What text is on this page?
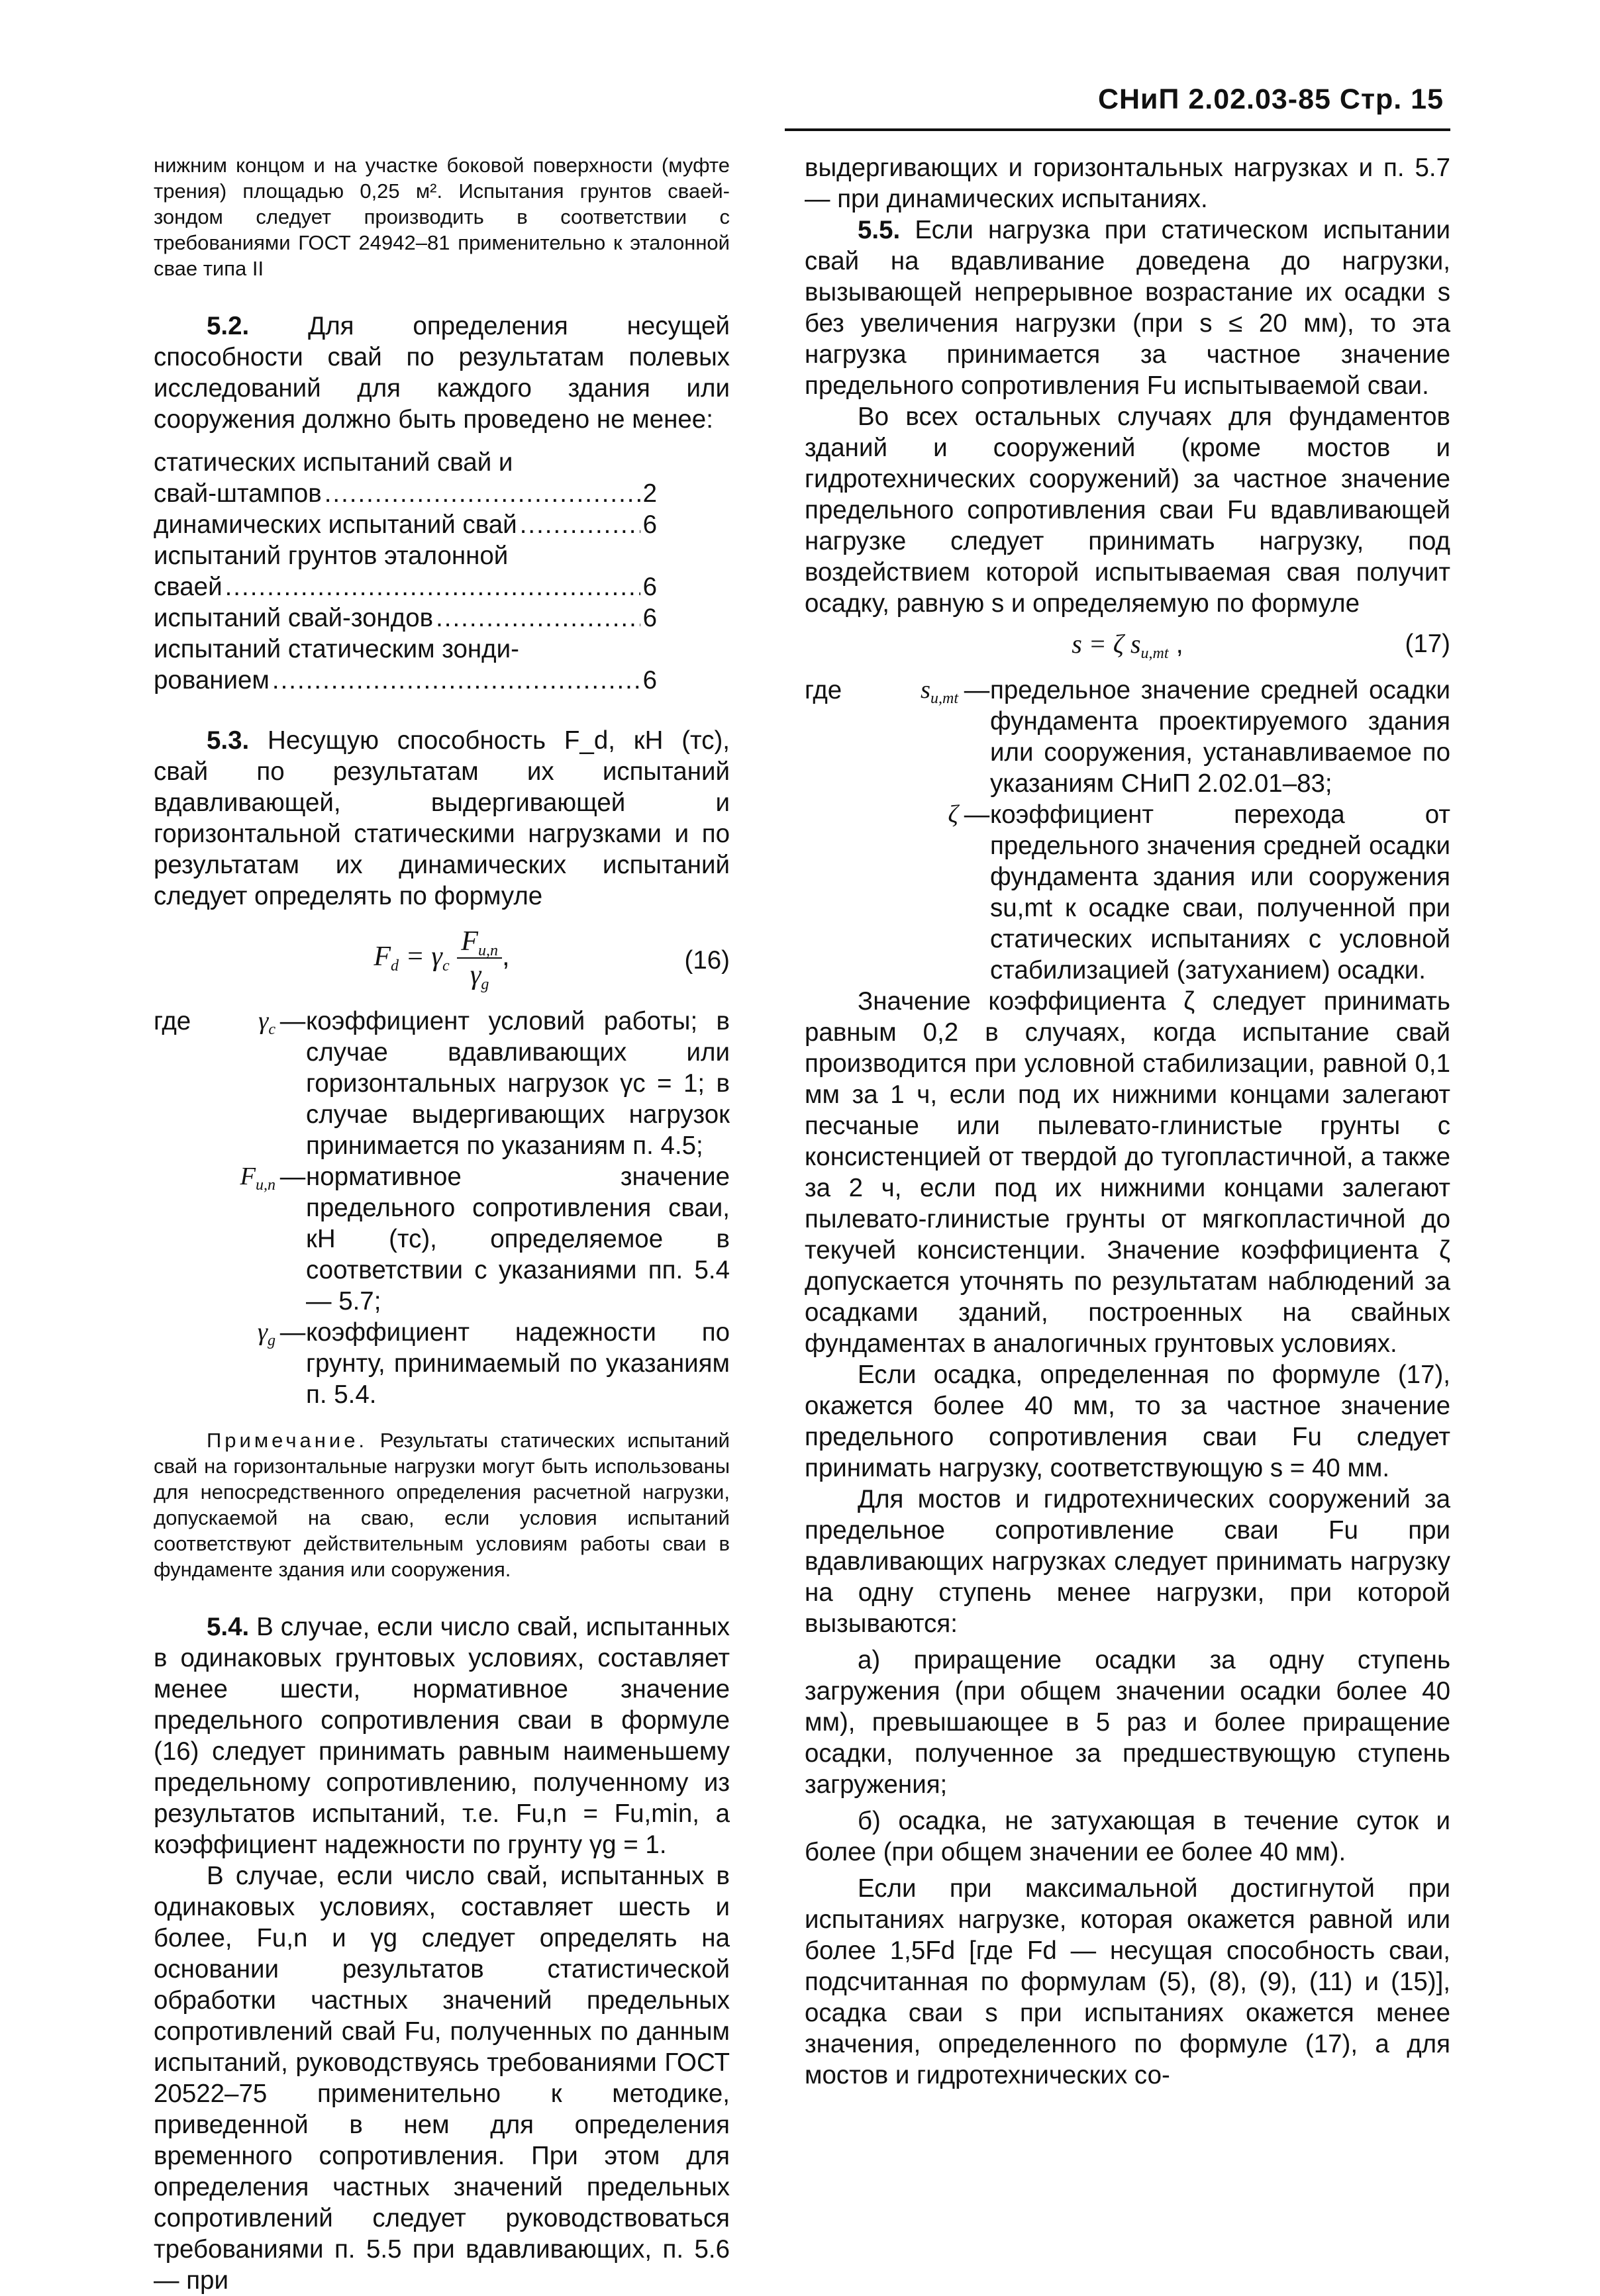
СНиП 2.02.03-85 Стр. 15

нижним концом и на участке боковой поверхности (муфте трения) площадью 0,25 м². Испытания грунтов сваей-зондом следует производить в соответствии с требованиями ГОСТ 24942–81 применительно к эталонной свае типа II

5.2. Для определения несущей способности свай по результатам полевых исследований для каждого здания или сооружения должно быть проведено не менее:

статических испытаний свай и
свай-штампов .....	2
динамических испытаний свай .....	6
испытаний грунтов эталонной
сваей .....	6
испытаний свай-зондов .....	6
испытаний статическим зонди-
рованием .....	6

5.3. Несущую способность F_d, кН (тс), свай по результатам их испытаний вдавливающей, выдергивающей и горизонтальной статическими нагрузками и по результатам их динамических испытаний следует определять по формуле

$F_d = \gamma_c \frac{F_{u,n}}{\gamma_g}$ ,	(16)
где	$\gamma_c$ — коэффициент условий работы; в случае вдавливающих или горизонтальных нагрузок γc = 1; в случае выдергивающих нагрузок принимается по указаниям п. 4.5;
$F_{u,n}$ — нормативное значение предельного сопротивления сваи, кН (тс), определяемое в соответствии с указаниями пп. 5.4 — 5.7;
$\gamma_g$ — коэффициент надежности по грунту, принимаемый по указаниям п. 5.4.

Примечание. Результаты статических испытаний свай на горизонтальные нагрузки могут быть использованы для непосредственного определения расчетной нагрузки, допускаемой на сваю, если условия испытаний соответствуют действительным условиям работы сваи в фундаменте здания или сооружения.

5.4. В случае, если число свай, испытанных в одинаковых грунтовых условиях, составляет менее шести, нормативное значение предельного сопротивления сваи в формуле (16) следует принимать равным наименьшему предельному сопротивлению, полученному из результатов испытаний, т.е. Fu,n = Fu,min, а коэффициент надежности по грунту γg = 1.

В случае, если число свай, испытанных в одинаковых условиях, составляет шесть и более, Fu,n и γg следует определять на основании результатов статистической обработки частных значений предельных сопротивлений свай Fu, полученных по данным испытаний, руководствуясь требованиями ГОСТ 20522–75 применительно к методике, приведенной в нем для определения временного сопротивления. При этом для определения частных значений предельных сопротивлений следует руководствоваться требованиями п. 5.5 при вдавливающих, п. 5.6 — при

выдергивающих и горизонтальных нагрузках и п. 5.7 — при динамических испытаниях.

5.5. Если нагрузка при статическом испытании свай на вдавливание доведена до нагрузки, вызывающей непрерывное возрастание их осадки s без увеличения нагрузки (при s ≤ 20 мм), то эта нагрузка принимается за частное значение предельного сопротивления Fu испытываемой сваи.

Во всех остальных случаях для фундаментов зданий и сооружений (кроме мостов и гидротехнических сооружений) за частное значение предельного сопротивления сваи Fu вдавливающей нагрузке следует принимать нагрузку, под воздействием которой испытываемая свая получит осадку, равную s и определяемую по формуле

s = ζ $s_{u,mt}$ ,	(17)
где	$s_{u,mt}$ — предельное значение средней осадки фундамента проектируемого здания или сооружения, устанавливаемое по указаниям СНиП 2.02.01–83;
ζ — коэффициент перехода от предельного значения средней осадки фундамента здания или сооружения su,mt к осадке сваи, полученной при статических испытаниях с условной стабилизацией (затуханием) осадки.

Значение коэффициента ζ следует принимать равным 0,2 в случаях, когда испытание свай производится при условной стабилизации, равной 0,1 мм за 1 ч, если под их нижними концами залегают песчаные или пылевато-глинистые грунты с консистенцией от твердой до тугопластичной, а также за 2 ч, если под их нижними концами залегают пылевато-глинистые грунты от мягкопластичной до текучей консистенции. Значение коэффициента ζ допускается уточнять по результатам наблюдений за осадками зданий, построенных на свайных фундаментах в аналогичных грунтовых условиях.

Если осадка, определенная по формуле (17), окажется более 40 мм, то за частное значение предельного сопротивления сваи Fu следует принимать нагрузку, соответствующую s = 40 мм.

Для мостов и гидротехнических сооружений за предельное сопротивление сваи Fu при вдавливающих нагрузках следует принимать нагрузку на одну ступень менее нагрузки, при которой вызываются:

а) приращение осадки за одну ступень загружения (при общем значении осадки более 40 мм), превышающее в 5 раз и более приращение осадки, полученное за предшествующую ступень загружения;

б) осадка, не затухающая в течение суток и более (при общем значении ее более 40 мм).

Если при максимальной достигнутой при испытаниях нагрузке, которая окажется равной или более 1,5Fd [где Fd — несущая способность сваи, подсчитанная по формулам (5), (8), (9), (11) и (15)], осадка сваи s при испытаниях окажется менее значения, определенного по формуле (17), а для мостов и гидротехнических со-
